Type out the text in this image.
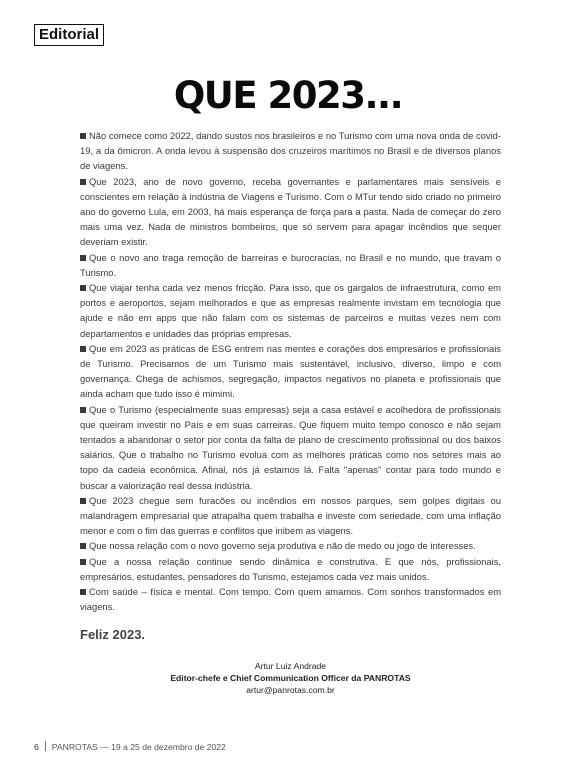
Editorial
QUE 2023...

Não comece como 2022, dando sustos nos brasileiros e no Turismo com uma nova onda de covid-19, a da ômicron. A onda levou à suspensão dos cruzeiros marítimos no Brasil e de diversos planos de viagens.

Que 2023, ano de novo governo, receba governantes e parlamentares mais sensíveis e conscientes em relação à indústria de Viagens e Turismo. Com o MTur tendo sido criado no primeiro ano do governo Lula, em 2003, há mais esperança de força para a pasta. Nada de começar do zero mais uma vez. Nada de ministros bombeiros, que só servem para apagar incêndios que sequer deveriam existir.

Que o novo ano traga remoção de barreiras e burocracias, no Brasil e no mundo, que travam o Turismo.

Que viajar tenha cada vez menos fricção. Para isso, que os gargalos de infraestrutura, como em portos e aeroportos, sejam melhorados e que as empresas realmente invistam em tecnologia que ajude e não em apps que não falam com os sistemas de parceiros e muitas vezes nem com departamentos e unidades das próprias empresas.

Que em 2023 as práticas de ESG entrem nas mentes e corações dos empresários e profissionais de Turismo. Precisamos de um Turismo mais sustentável, inclusivo, diverso, limpo e com governança. Chega de achismos, segregação, impactos negativos no planeta e profissionais que ainda acham que tudo isso é mimimi.

Que o Turismo (especialmente suas empresas) seja a casa estável e acolhedora de profissionais que queiram investir no País e em suas carreiras. Que fiquem muito tempo conosco e não sejam tentados a abandonar o setor por conta da falta de plano de crescimento profissional ou dos baixos salários. Que o trabalho no Turismo evolua com as melhores práticas como nos setores mais ao topo da cadeia econômica. Afinal, nós já estamos lá. Falta "apenas" contar para todo mundo e buscar a valorização real dessa indústria.

Que 2023 chegue sem furacões ou incêndios em nossos parques, sem golpes digitais ou malandragem empresarial que atrapalha quem trabalha e investe com seriedade, com uma inflação menor e com o fim das guerras e conflitos que inibem as viagens.

Que nossa relação com o novo governo seja produtiva e não de medo ou jogo de interesses.

Que a nossa relação continue sendo dinâmica e construtiva. E que nós, profissionais, empresários, estudantes, pensadores do Turismo, estejamos cada vez mais unidos.

Com saúde – física e mental. Com tempo. Com quem amamos. Com sonhos transformados em viagens.

Feliz 2023.
Artur Luiz Andrade
Editor-chefe e Chief Communication Officer da PANROTAS
artur@panrotas.com.br
6 PANROTAS — 19 a 25 de dezembro de 2022
